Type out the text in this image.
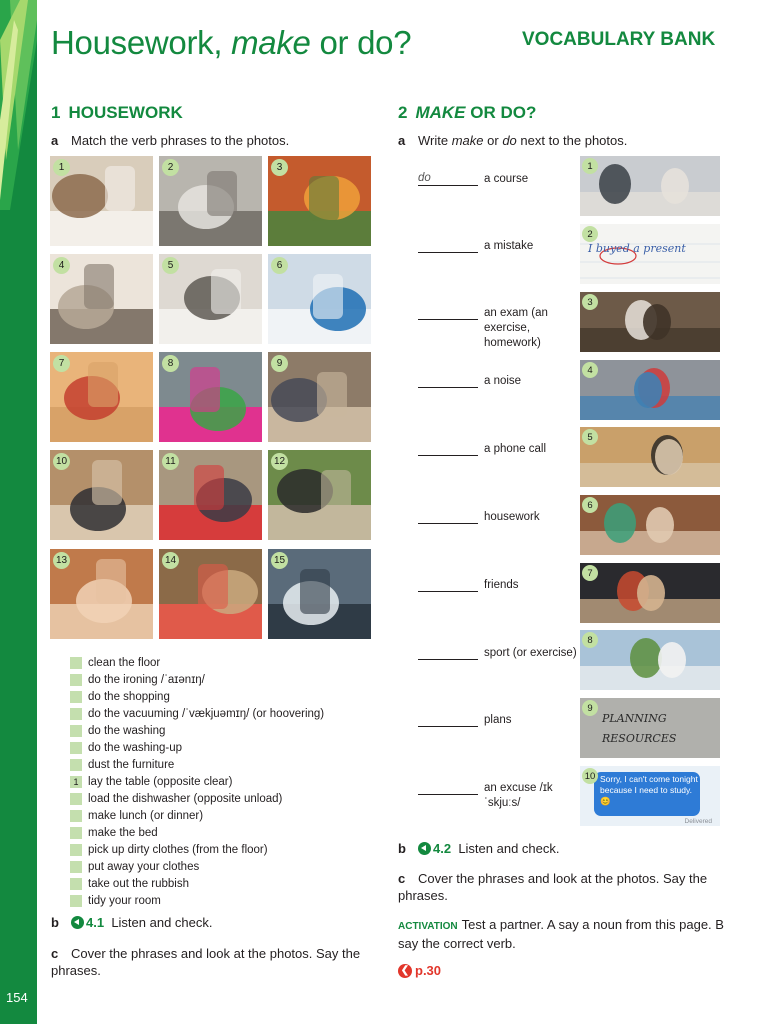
154
Housework, make or do?	VOCABULARY BANK
1 HOUSEWORK
a Match the verb phrases to the photos.
1	2	3
4	5	6
7	8	9
10	11	12
13	14	15
clean the floor
do the ironing /ˈaɪənɪŋ/
do the shopping
do the vacuuming /ˈvækjuəmɪŋ/ (or hoovering)
do the washing
do the washing-up
dust the furniture
1 lay the table (opposite clear)
load the dishwasher (opposite unload)
make lunch (or dinner)
make the bed
pick up dirty clothes (from the floor)
put away your clothes
take out the rubbish
tidy your room
b 4.1 Listen and check.
c Cover the phrases and look at the photos. Say the phrases.
2 MAKE OR DO?
a Write make or do next to the photos.
do	a course
a mistake
an exam (an exercise, homework)
a noise
a phone call
housework
friends
sport (or exercise)
plans
an excuse /ɪkˈskjuːs/
1
I buyed a present
2
3
4
5
6
7
8
PLANNING
RESOURCES
9
Sorry, I can't come tonight because I need to study. 😊
Delivered
10
b 4.2 Listen and check.
c Cover the phrases and look at the photos. Say the phrases.
ACTIVATION Test a partner. A say a noun from this page. B say the correct verb.
❮ p.30
